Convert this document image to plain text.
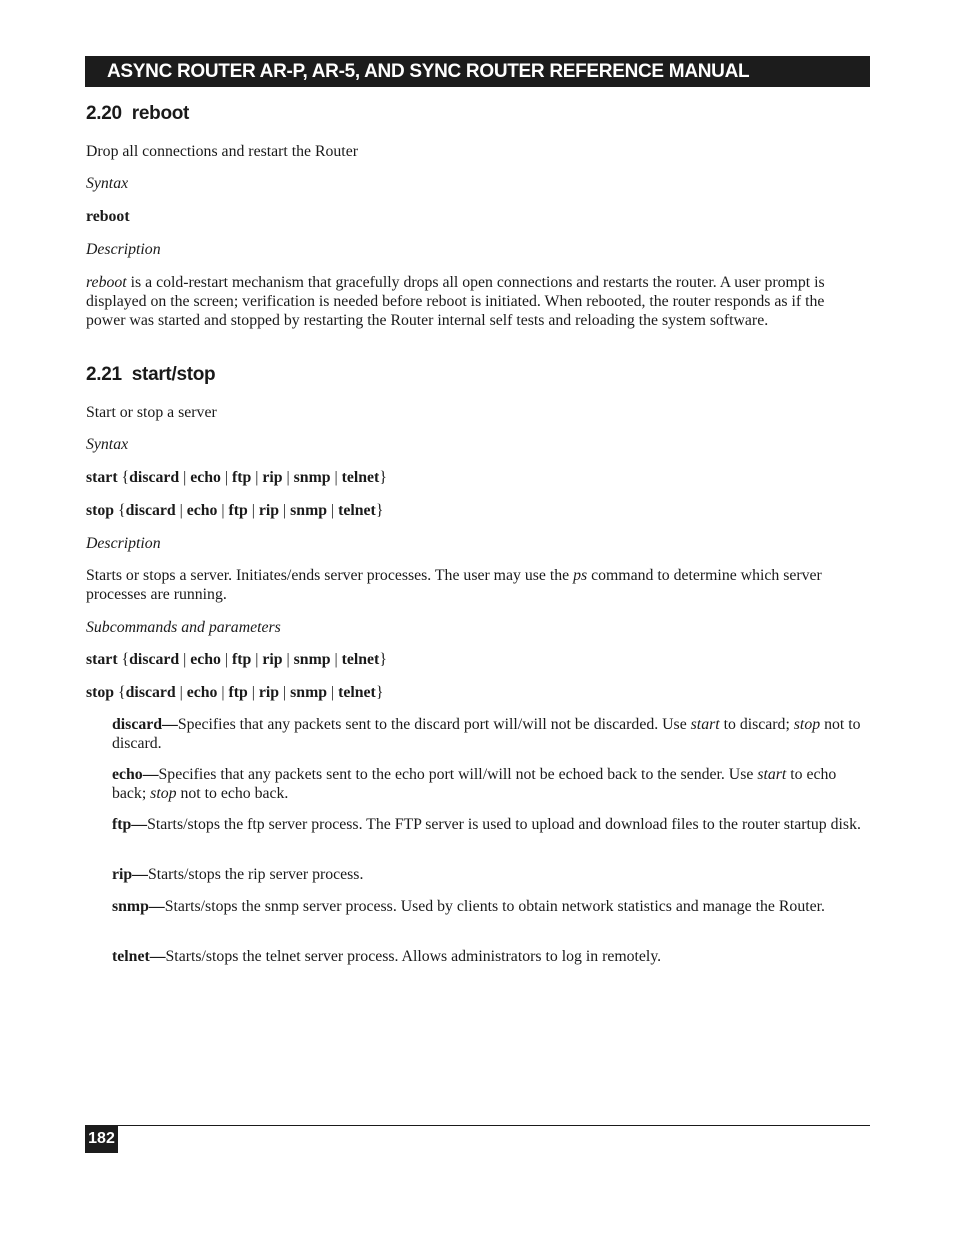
ASYNC ROUTER AR-P, AR-5, AND SYNC ROUTER REFERENCE MANUAL
2.20 reboot

Drop all connections and restart the Router

Syntax

reboot

Description

reboot is a cold-restart mechanism that gracefully drops all open connections and restarts the router. A user prompt is displayed on the screen; verification is needed before reboot is initiated. When rebooted, the router responds as if the power was started and stopped by restarting the Router internal self tests and reloading the system software.

2.21 start/stop

Start or stop a server

Syntax

start {discard | echo | ftp | rip | snmp | telnet}

stop {discard | echo | ftp | rip | snmp | telnet}

Description

Starts or stops a server. Initiates/ends server processes. The user may use the ps command to determine which server processes are running.

Subcommands and parameters

start {discard | echo | ftp | rip | snmp | telnet}

stop {discard | echo | ftp | rip | snmp | telnet}

discard—Specifies that any packets sent to the discard port will/will not be discarded. Use start to discard; stop not to discard.

echo—Specifies that any packets sent to the echo port will/will not be echoed back to the sender. Use start to echo back; stop not to echo back.

ftp—Starts/stops the ftp server process. The FTP server is used to upload and download files to the router startup disk.

rip—Starts/stops the rip server process.

snmp—Starts/stops the snmp server process. Used by clients to obtain network statistics and manage the Router.

telnet—Starts/stops the telnet server process. Allows administrators to log in remotely.

182
